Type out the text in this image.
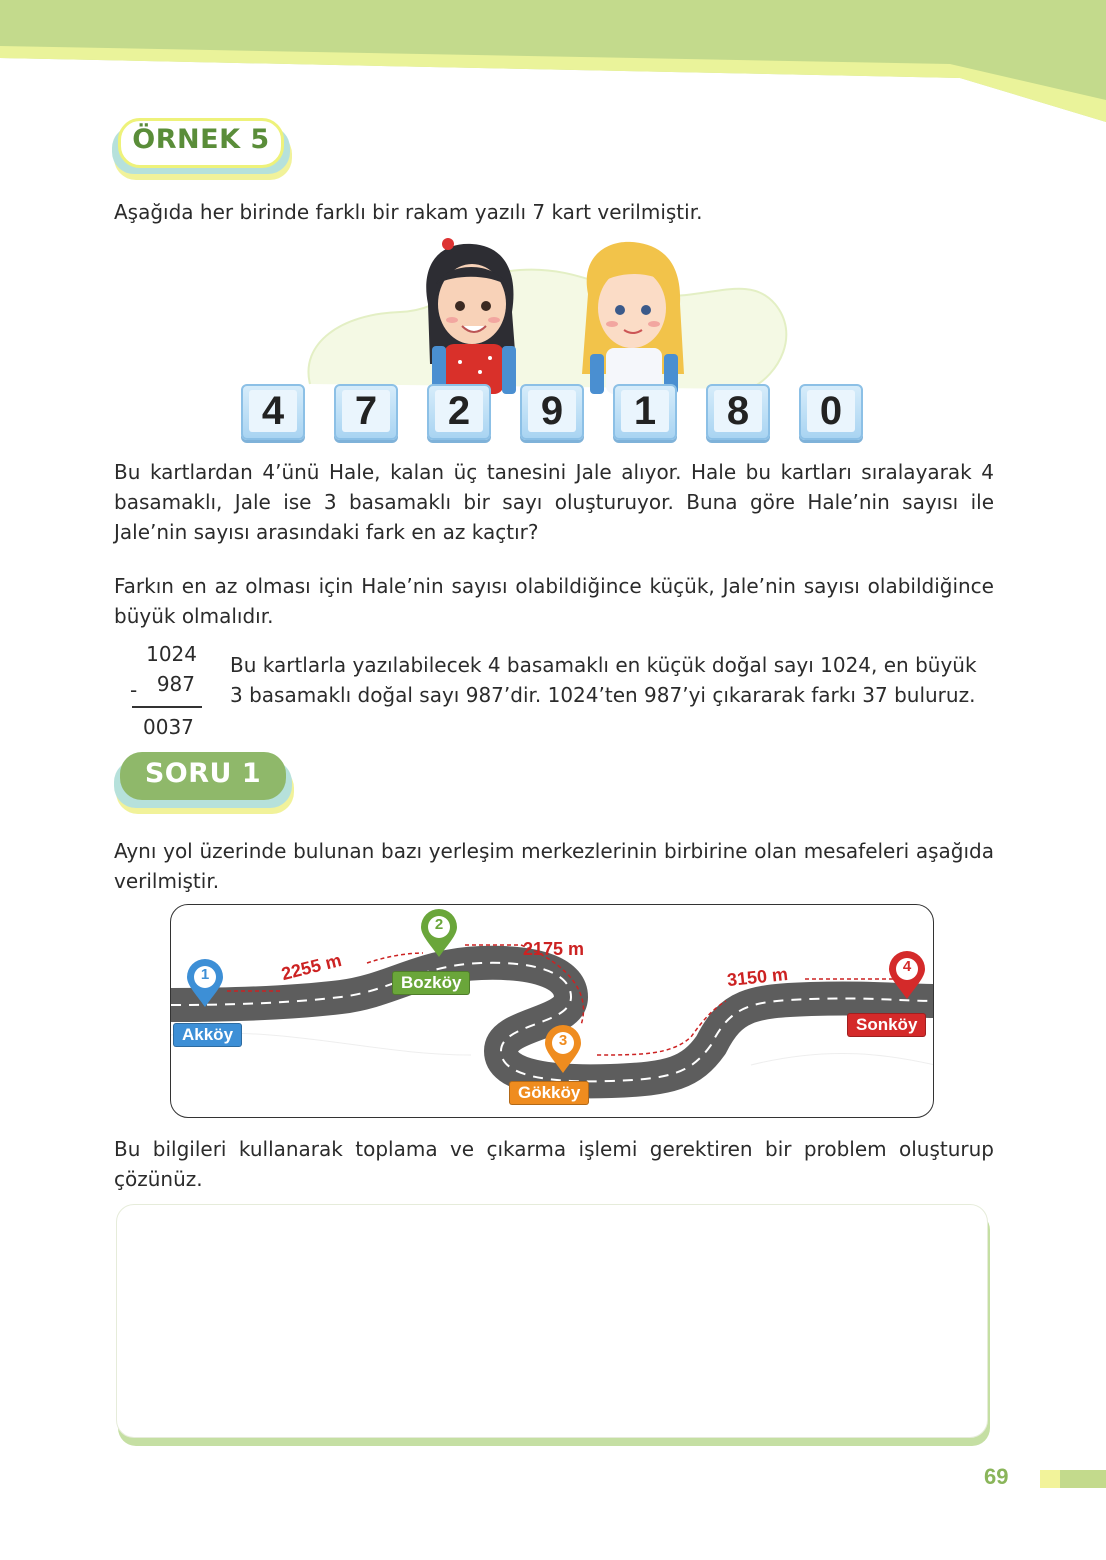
ÖRNEK 5
Aşağıda her birinde farklı bir rakam yazılı 7 kart verilmiştir.
4	7	2	9	1	8	0
Bu kartlardan 4’ünü Hale, kalan üç tanesini Jale alıyor. Hale bu kartları sıralayarak 4 basamaklı, Jale ise 3 basamaklı bir sayı oluşturuyor. Buna göre Hale’nin sayısı ile Jale’nin sayısı arasındaki fark en az kaçtır?
Farkın en az olması için Hale’nin sayısı olabildiğince küçük, Jale’nin sayısı olabildiğince büyük olmalıdır.
1024
987
-
0037
Bu kartlarla yazılabilecek 4 basamaklı en küçük doğal sayı 1024, en büyük 3 basamaklı doğal sayı 987’dir. 1024’ten 987’yi çıkararak farkı 37 buluruz.
SORU 1
Aynı yol üzerinde bulunan bazı yerleşim merkezlerinin birbirine olan mesafeleri aşağıda verilmiştir.
1
2
3
4
Akköy
Bozköy
Gökköy
Sonköy
2255 m
2175 m
3150 m
Bu bilgileri kullanarak toplama ve çıkarma işlemi gerektiren bir problem oluşturup çözünüz.
69
